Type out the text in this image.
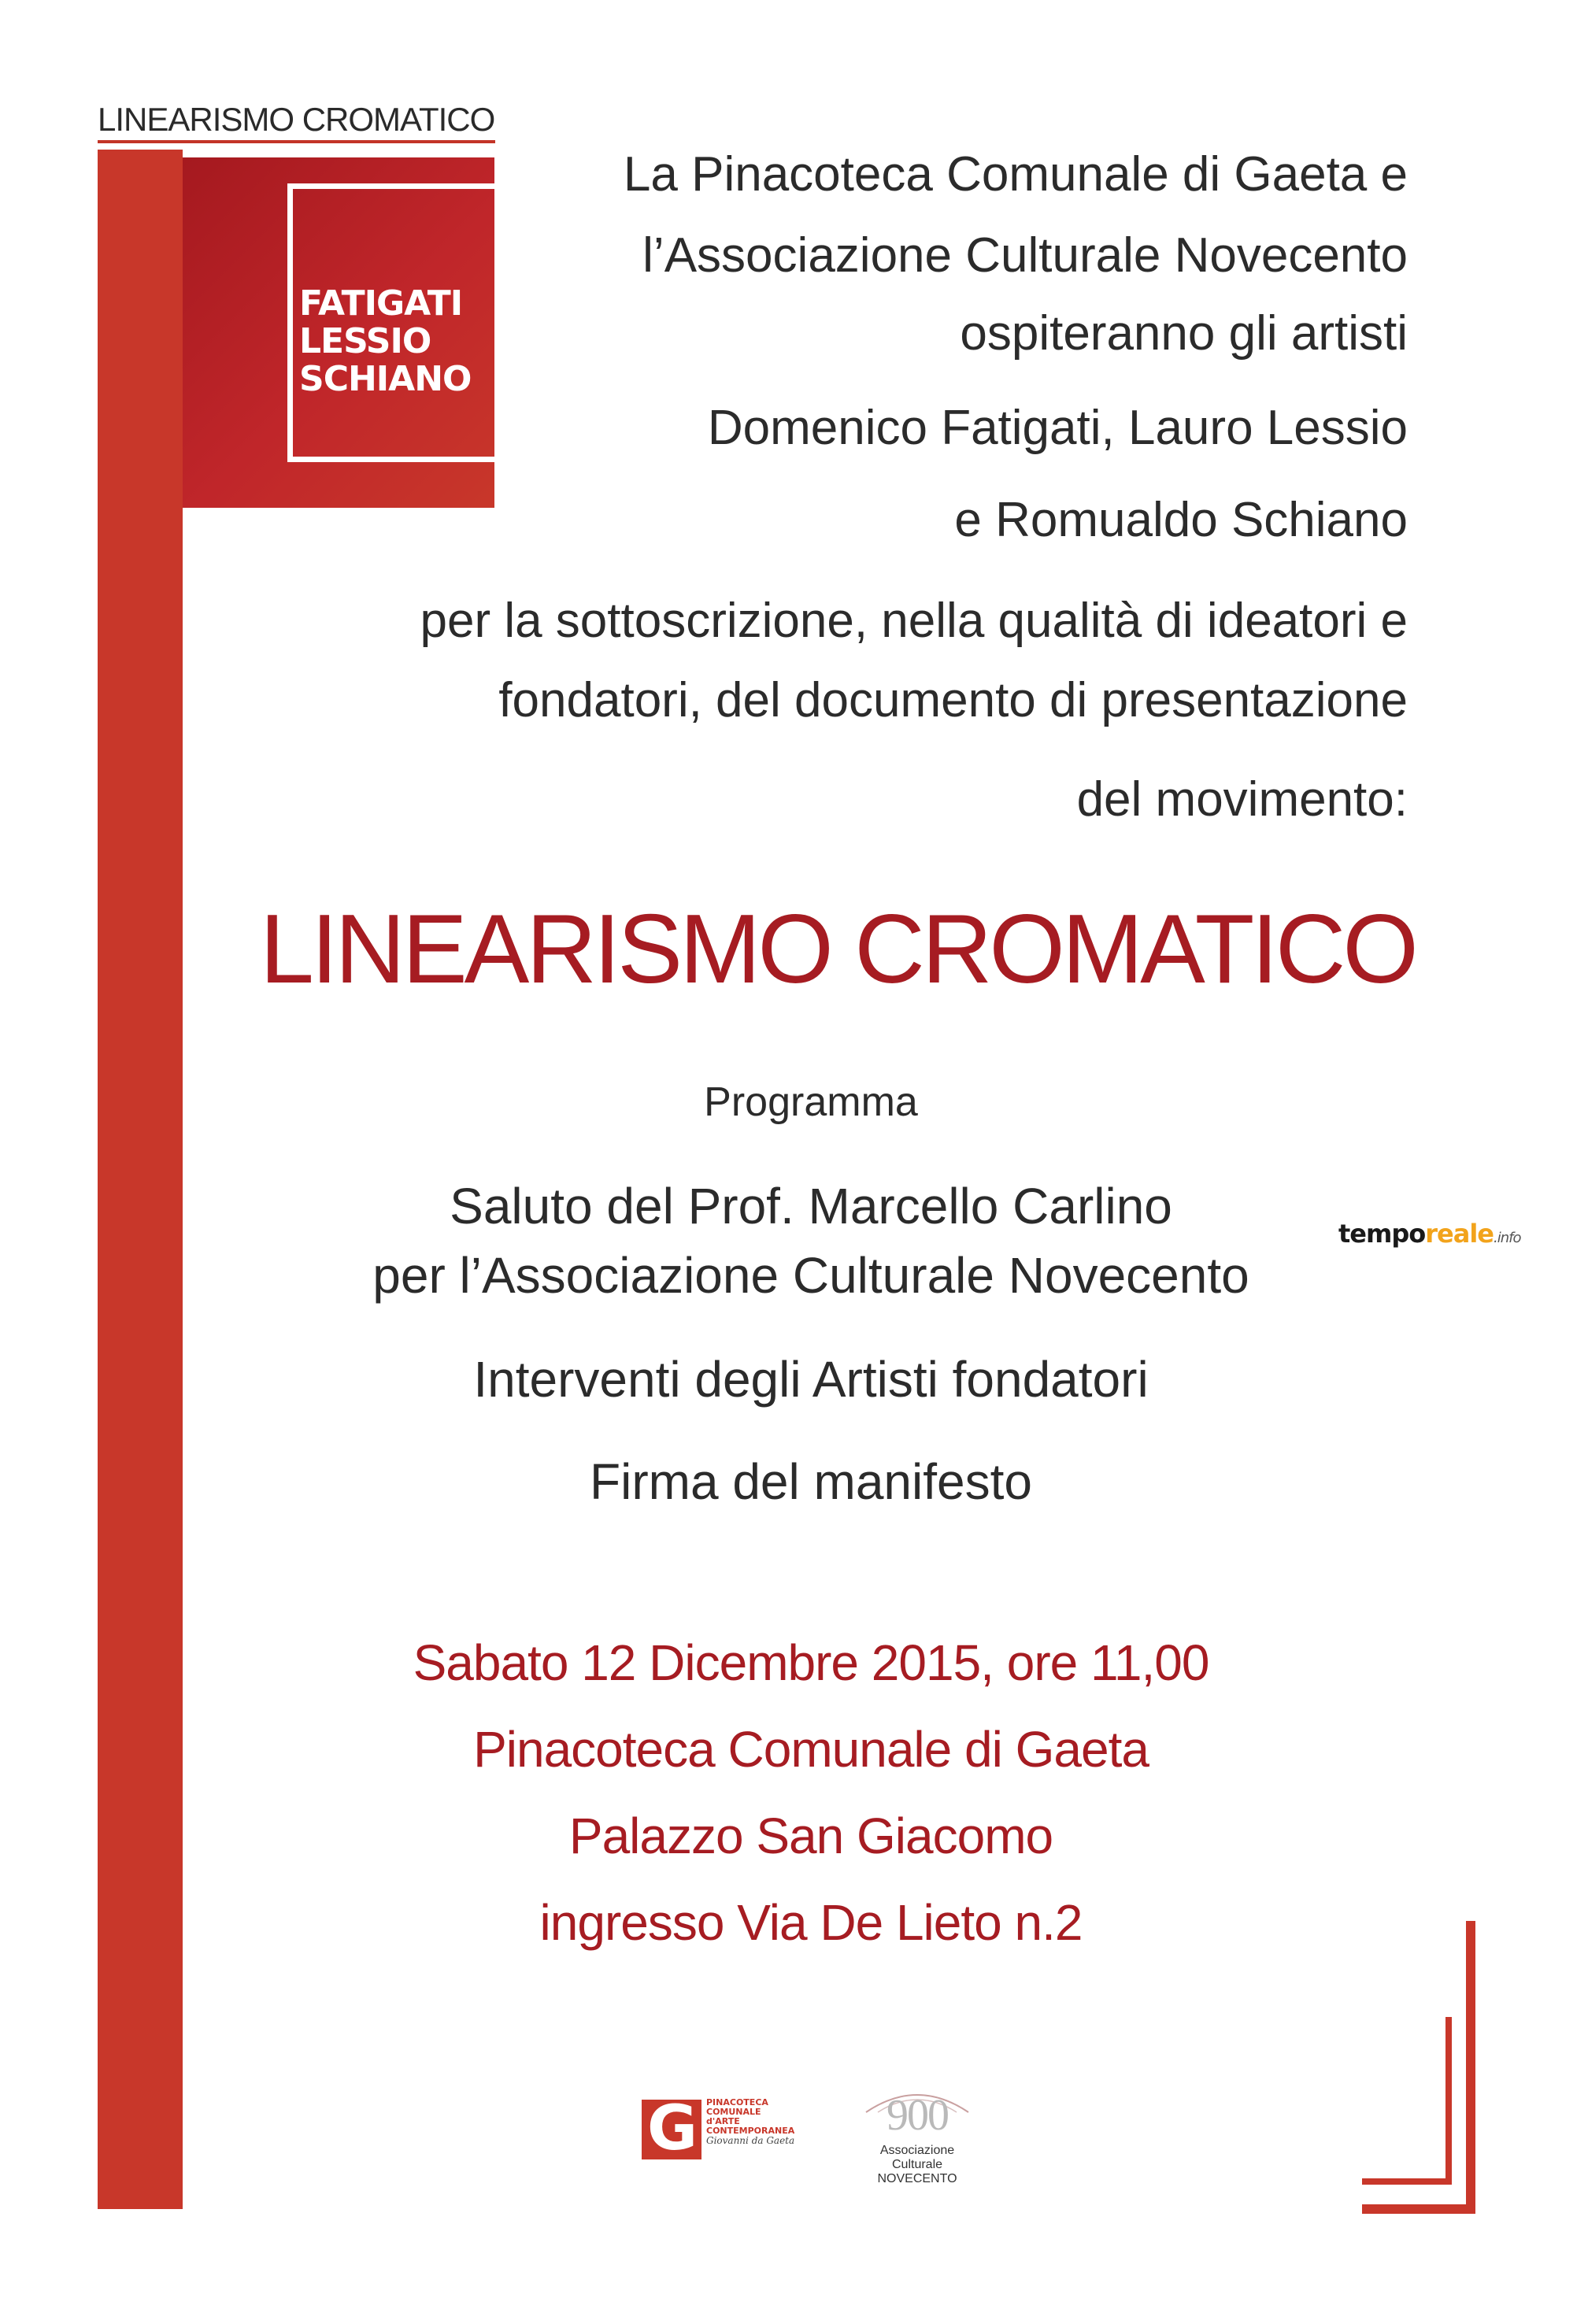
LINEARISMO CROMATICO
FATIGATI
LESSIO
SCHIANO
La Pinacoteca Comunale di Gaeta e
l’Associazione Culturale Novecento
ospiteranno gli artisti
Domenico Fatigati, Lauro Lessio
e Romualdo Schiano
per la sottoscrizione, nella qualità di ideatori e
fondatori, del documento di presentazione
del movimento:
LINEARISMO CROMATICO
Programma
Saluto del Prof. Marcello Carlino
per l’Associazione Culturale Novecento
Interventi degli Artisti fondatori
Firma del manifesto
Sabato 12 Dicembre 2015, ore 11,00
Pinacoteca Comunale di Gaeta
Palazzo San Giacomo
ingresso Via De Lieto n.2
temporeale.info
G PINACOTECA
COMUNALE
d'ARTE
CONTEMPORANEA
Giovanni da Gaeta
900
Associazione
Culturale
NOVECENTO
